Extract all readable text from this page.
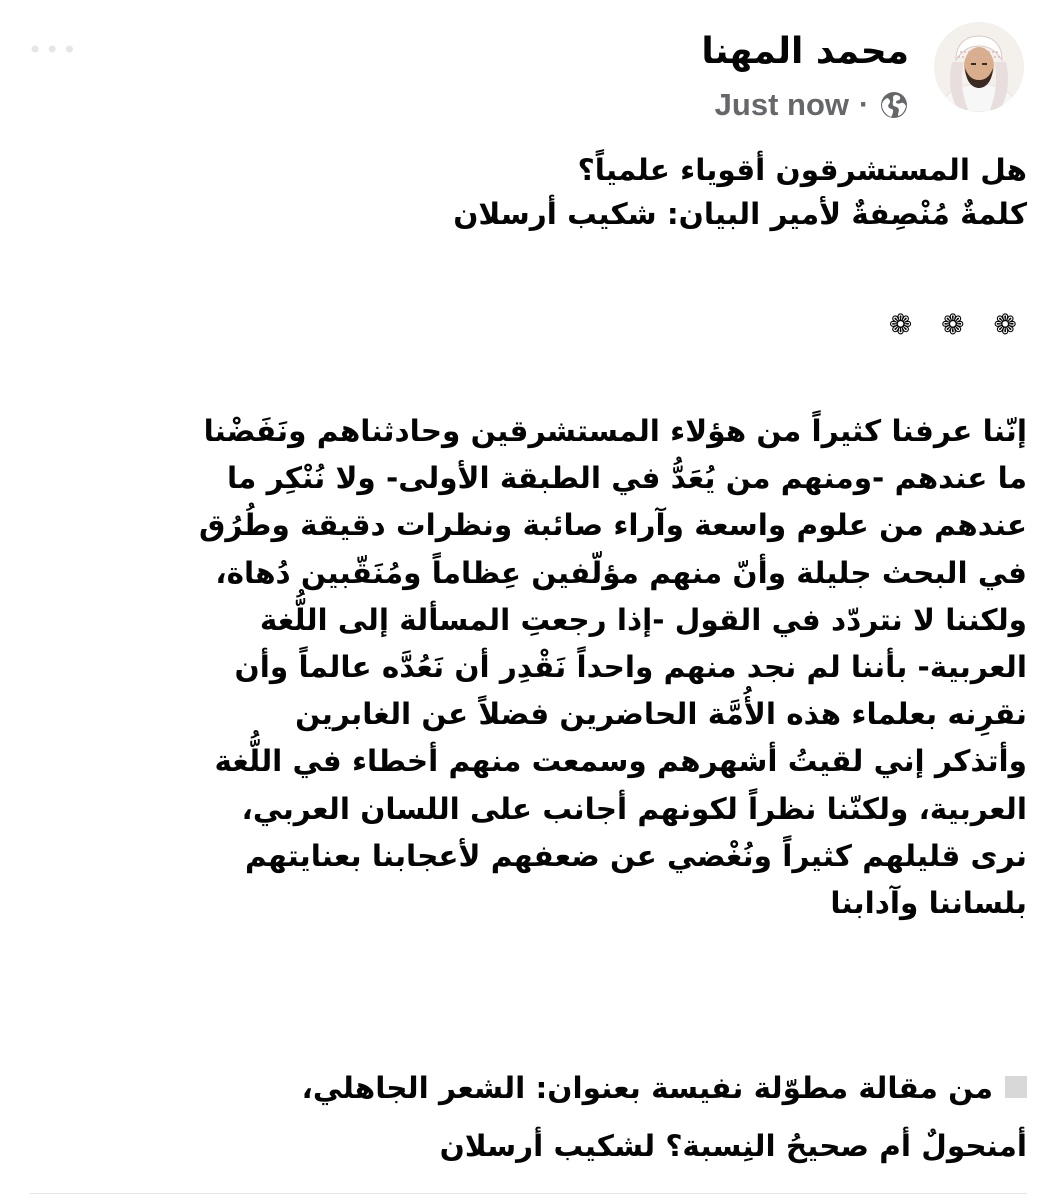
•••	محمد المهنا
Just now ·
هل المستشرقون أقوياء علمياً؟
كلمةٌ مُنْصِفةٌ لأمير البيان: شكيب أرسلان
❁ ❁ ❁
إنّنا عرفنا كثيراً من هؤلاء المستشرقين وحادثناهم ونَفَضْنا
ما عندهم -ومنهم من يُعَدُّ في الطبقة الأولى- ولا نُنْكِر ما
عندهم من علوم واسعة وآراء صائبة ونظرات دقيقة وطُرُق
في البحث جليلة وأنّ منهم مؤلّفين عِظاماً ومُنَقّبين دُهاة،
ولكننا لا نتردّد في القول -إذا رجعتِ المسألة إلى اللُّغة
العربية- بأننا لم نجد منهم واحداً نَقْدِر أن نَعُدَّه عالماً وأن
نقرِنه بعلماء هذه الأُمَّة الحاضرين فضلاً عن الغابرين
وأتذكر إني لقيتُ أشهرهم وسمعت منهم أخطاء في اللُّغة
العربية، ولكنّنا نظراً لكونهم أجانب على اللسان العربي،
نرى قليلهم كثيراً ونُغْضي عن ضعفهم لأعجابنا بعنايتهم
بلساننا وآدابنا
من مقالة مطوّلة نفيسة بعنوان: الشعر الجاهلي،
أمنحولٌ أم صحيحُ النِسبة؟ لشكيب أرسلان
